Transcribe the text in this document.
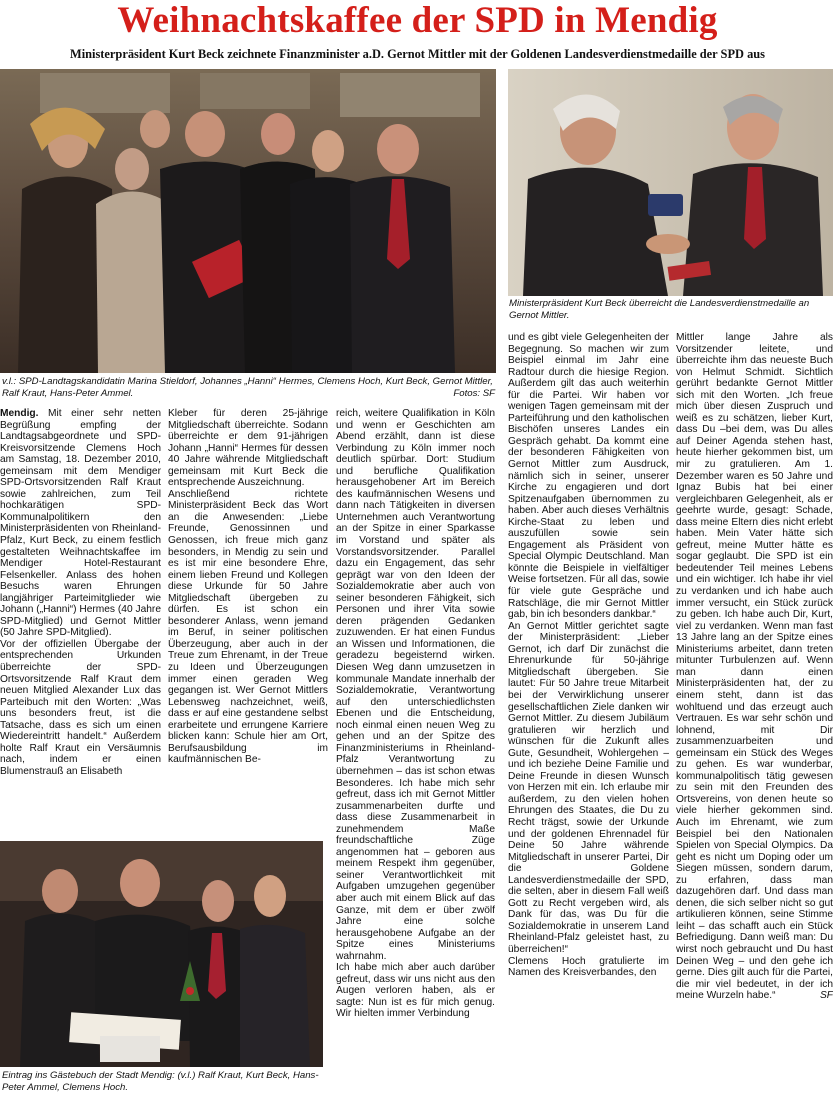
Weihnachtskaffee der SPD in Mendig
Ministerpräsident Kurt Beck zeichnete Finanzminister a.D. Gernot Mittler mit der Goldenen Landesverdienstmedaille der SPD aus
v.l.: SPD-Landtagskandidatin Marina Stieldorf, Johannes „Hanni“ Hermes, Clemens Hoch, Kurt Beck, Gernot Mittler, Ralf Kraut, Hans-Peter Ammel.	Fotos: SF
Ministerpräsident Kurt Beck überreicht die Landesverdienstmedaille an Gernot Mittler.
Eintrag ins Gästebuch der Stadt Mendig: (v.l.) Ralf Kraut, Kurt Beck, Hans-Peter Ammel, Clemens Hoch.

Mendig. Mit einer sehr netten Begrüßung empfing der Landtagsabgeordnete und SPD-Kreisvorsitzende Clemens Hoch am Samstag, 18. Dezember 2010, gemeinsam mit dem Mendiger SPD-Ortsvorsitzenden Ralf Kraut sowie zahlreichen, zum Teil hochkarätigen SPD-Kommunalpolitikern den Ministerpräsidenten von Rheinland-Pfalz, Kurt Beck, zu einem festlich gestalteten Weihnachtskaffee im Mendiger Hotel-Restaurant Felsenkeller. Anlass des hohen Besuchs waren Ehrungen langjähriger Parteimitglieder wie Johann („Hanni“) Hermes (40 Jahre SPD-Mitglied) und Gernot Mittler (50 Jahre SPD-Mitglied).

Vor der offiziellen Übergabe der entsprechenden Urkunden überreichte der SPD-Ortsvorsitzende Ralf Kraut dem neuen Mitglied Alexander Lux das Parteibuch mit den Worten: „Was uns besonders freut, ist die Tatsache, dass es sich um einen Wiedereintritt handelt.“ Außerdem holte Ralf Kraut ein Versäumnis nach, indem er einen Blumenstrauß an Elisabeth

Kleber für deren 25-jährige Mitgliedschaft überreichte. Sodann überreichte er dem 91-jährigen Johann „Hanni“ Hermes für dessen 40 Jahre währende Mitgliedschaft gemeinsam mit Kurt Beck die entsprechende Auszeichnung.

Anschließend richtete Ministerpräsident Beck das Wort an die Anwesenden: „Liebe Freunde, Genossinnen und Genossen, ich freue mich ganz besonders, in Mendig zu sein und es ist mir eine besondere Ehre, einem lieben Freund und Kollegen diese Urkunde für 50 Jahre Mitgliedschaft übergeben zu dürfen. Es ist schon ein besonderer Anlass, wenn jemand im Beruf, in seiner politischen Überzeugung, aber auch in der Treue zum Ehrenamt, in der Treue zu Ideen und Überzeugungen immer einen geraden Weg gegangen ist. Wer Gernot Mittlers Lebensweg nachzeichnet, weiß, dass er auf eine gestandene selbst erarbeitete und errungene Karriere blicken kann: Schule hier am Ort, Berufsausbildung im kaufmännischen Be-

reich, weitere Qualifikation in Köln und wenn er Geschichten am Abend erzählt, dann ist diese Verbindung zu Köln immer noch deutlich spürbar. Dort: Studium und berufliche Qualifikation herausgehobener Art im Bereich des kaufmännischen Wesens und dann nach Tätigkeiten in diversen Unternehmen auch Verantwortung an der Spitze in einer Sparkasse im Vorstand und später als Vorstandsvorsitzender. Parallel dazu ein Engagement, das sehr geprägt war von den Ideen der Sozialdemokratie aber auch von seiner besonderen Fähigkeit, sich Personen und ihrer Vita sowie deren prägenden Gedanken zuzuwenden. Er hat einen Fundus an Wissen und Informationen, die geradezu begeisternd wirken. Diesen Weg dann umzusetzen in kommunale Mandate innerhalb der Sozialdemokratie, Verantwortung auf den unterschiedlichsten Ebenen und die Entscheidung, noch einmal einen neuen Weg zu gehen und an der Spitze des Finanzministeriums in Rheinland-Pfalz Verantwortung zu übernehmen – das ist schon etwas Besonderes. Ich habe mich sehr gefreut, dass ich mit Gernot Mittler zusammenarbeiten durfte und dass diese Zusammenarbeit in zunehmendem Maße freundschaftliche Züge angenommen hat – geboren aus meinem Respekt ihm gegenüber, seiner Verantwortlichkeit mit Aufgaben umzugehen gegenüber aber auch mit einem Blick auf das Ganze, mit dem er über zwölf Jahre eine solche herausgehobene Aufgabe an der Spitze eines Ministeriums wahrnahm.

Ich habe mich aber auch darüber gefreut, dass wir uns nicht aus den Augen verloren haben, als er sagte: Nun ist es für mich genug. Wir hielten immer Verbindung

und es gibt viele Gelegenheiten der Begegnung. So machen wir zum Beispiel einmal im Jahr eine Radtour durch die hiesige Region. Außerdem gilt das auch weiterhin für die Partei. Wir haben vor wenigen Tagen gemeinsam mit der Parteiführung und den katholischen Bischöfen unseres Landes ein Gespräch gehabt. Da kommt eine der besonderen Fähigkeiten von Gernot Mittler zum Ausdruck, nämlich sich in seiner, unserer Kirche zu engagieren und dort Spitzenaufgaben übernommen zu haben. Aber auch dieses Verhältnis Kirche-Staat zu leben und auszufüllen sowie sein Engagement als Präsident von Special Olympic Deutschland. Man könnte die Beispiele in vielfältiger Weise fortsetzen. Für all das, sowie für viele gute Gespräche und Ratschläge, die mir Gernot Mittler gab, bin ich besonders dankbar.“

An Gernot Mittler gerichtet sagte der Ministerpräsident: „Lieber Gernot, ich darf Dir zunächst die Ehrenurkunde für 50-jährige Mitgliedschaft übergeben. Sie lautet: Für 50 Jahre treue Mitarbeit bei der Verwirklichung unserer gesellschaftlichen Ziele danken wir Gernot Mittler. Zu diesem Jubiläum gratulieren wir herzlich und wünschen für die Zukunft alles Gute, Gesundheit, Wohlergehen – und ich beziehe Deine Familie und Deine Freunde in diesen Wunsch von Herzen mit ein. Ich erlaube mir außerdem, zu den vielen hohen Ehrungen des Staates, die Du zu Recht trägst, sowie der Urkunde und der goldenen Ehrennadel für Deine 50 Jahre währende Mitgliedschaft in unserer Partei, Dir die Goldene Landesverdienstmedaille der SPD, die selten, aber in diesem Fall weiß Gott zu Recht vergeben wird, als Dank für das, was Du für die Sozialdemokratie in unserem Land Rheinland-Pfalz geleistet hast, zu überreichen!“

Clemens Hoch gratulierte im Namen des Kreisverbandes, den

Mittler lange Jahre als Vorsitzender leitete, und überreichte ihm das neueste Buch von Helmut Schmidt. Sichtlich gerührt bedankte Gernot Mittler sich mit den Worten. „Ich freue mich über diesen Zuspruch und weiß es zu schätzen, lieber Kurt, dass Du –bei dem, was Du alles auf Deiner Agenda stehen hast, heute hierher gekommen bist, um mir zu gratulieren. Am 1. Dezember waren es 50 Jahre und Ignaz Bubis hat bei einer vergleichbaren Gelegenheit, als er geehrte wurde, gesagt: Schade, dass meine Eltern dies nicht erlebt haben. Mein Vater hätte sich gefreut, meine Mutter hätte es sogar geglaubt. Die SPD ist ein bedeutender Teil meines Lebens und ein wichtiger. Ich habe ihr viel zu verdanken und ich habe auch immer versucht, ein Stück zurück zu geben. Ich habe auch Dir, Kurt, viel zu verdanken. Wenn man fast 13 Jahre lang an der Spitze eines Ministeriums arbeitet, dann treten mitunter Turbulenzen auf. Wenn man dann einen Ministerpräsidenten hat, der zu einem steht, dann ist das wohltuend und das erzeugt auch Vertrauen. Es war sehr schön und lohnend, mit Dir zusammenzuarbeiten und gemeinsam ein Stück des Weges zu gehen. Es war wunderbar, kommunalpolitisch tätig gewesen zu sein mit den Freunden des Ortsvereins, von denen heute so viele hierher gekommen sind. Auch im Ehrenamt, wie zum Beispiel bei den Nationalen Spielen von Special Olympics. Da geht es nicht um Doping oder um Siegen müssen, sondern darum, zu erfahren, dass man dazugehören darf. Und dass man denen, die sich selber nicht so gut artikulieren können, seine Stimme leiht – das schafft auch ein Stück Befriedigung. Dann weiß man: Du wirst noch gebraucht und Du hast Deinen Weg – und den gehe ich gerne. Dies gilt auch für die Partei, die mir viel bedeutet, in der ich meine Wurzeln habe.“	SF
